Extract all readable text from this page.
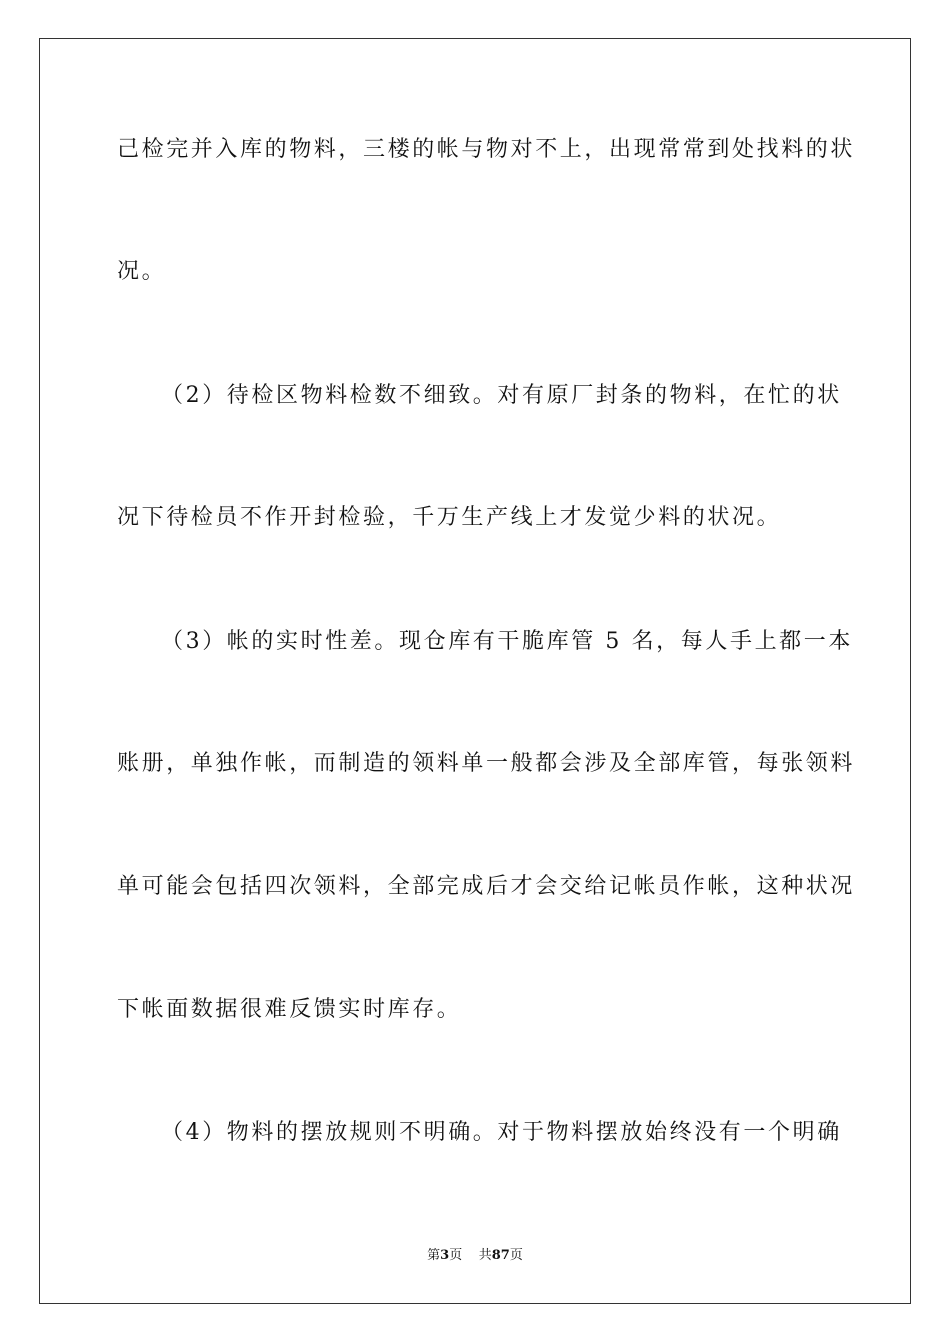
己检完并入库的物料，三楼的帐与物对不上，出现常常到处找料的状
况。
（2）待检区物料检数不细致。对有原厂封条的物料，在忙的状
况下待检员不作开封检验，千万生产线上才发觉少料的状况。
（3）帐的实时性差。现仓库有干脆库管 5 名，每人手上都一本
账册，单独作帐，而制造的领料单一般都会涉及全部库管，每张领料
单可能会包括四次领料，全部完成后才会交给记帐员作帐，这种状况
下帐面数据很难反馈实时库存。
（4）物料的摆放规则不明确。对于物料摆放始终没有一个明确
第3页 共87页
